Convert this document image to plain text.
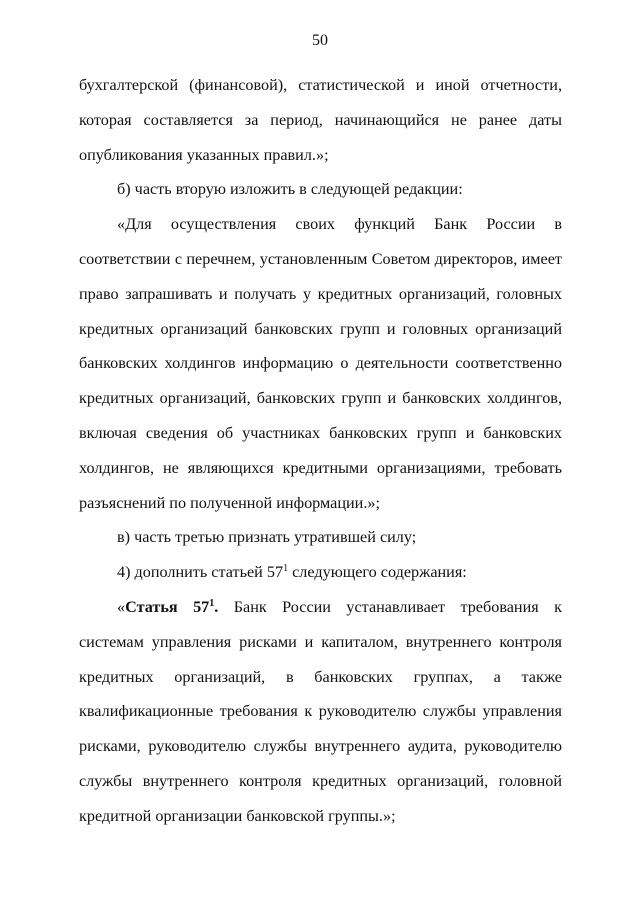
50

бухгалтерской (финансовой), статистической и иной отчетности, которая составляется за период, начинающийся не ранее даты опубликования указанных правил.»;

б) часть вторую изложить в следующей редакции:

«Для осуществления своих функций Банк России в соответствии с перечнем, установленным Советом директоров, имеет право запрашивать и получать у кредитных организаций, головных кредитных организаций банковских групп и головных организаций банковских холдингов информацию о деятельности соответственно кредитных организаций, банковских групп и банковских холдингов, включая сведения об участниках банковских групп и банковских холдингов, не являющихся кредитными организациями, требовать разъяснений по полученной информации.»;

в) часть третью признать утратившей силу;

4) дополнить статьей $57^1$ следующего содержания:

«Статья $57^1$. Банк России устанавливает требования к системам управления рисками и капиталом, внутреннего контроля кредитных организаций, в банковских группах, а также квалификационные требования к руководителю службы управления рисками, руководителю службы внутреннего аудита, руководителю службы внутреннего контроля кредитных организаций, головной кредитной организации банковской группы.»;
